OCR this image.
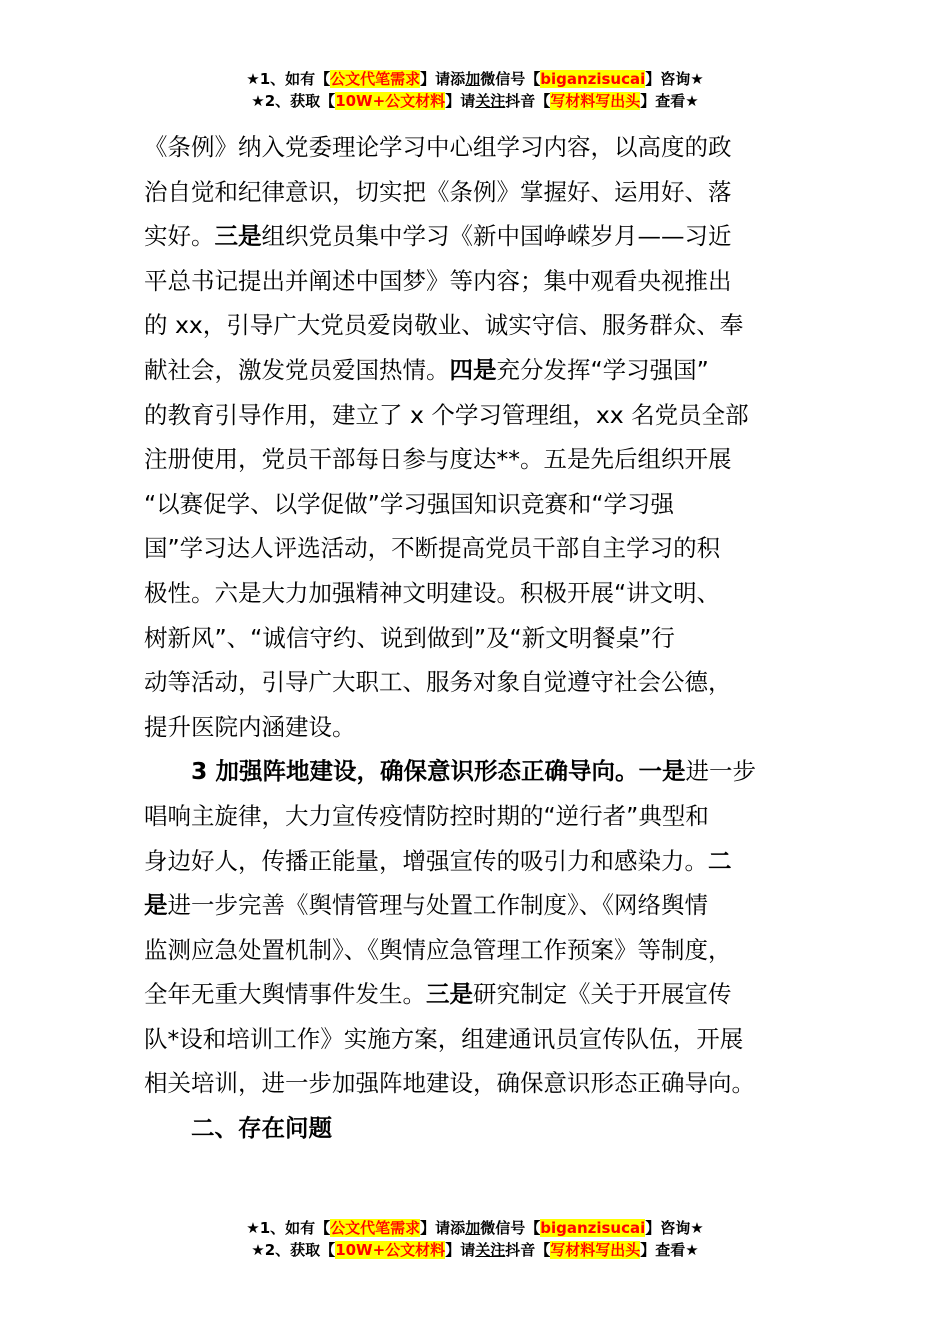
★1、如有【公文代笔需求】请添加微信号【biganzisucai】咨询★
★2、获取【10W+公文材料】请关注抖音【写材料写出头】查看★
《条例》纳入党委理论学习中心组学习内容，以高度的政
治自觉和纪律意识，切实把《条例》掌握好、运用好、落
实好。三是组织党员集中学习《新中国峥嵘岁月——习近
平总书记提出并阐述中国梦》等内容；集中观看央视推出
的 xx，引导广大党员爱岗敬业、诚实守信、服务群众、奉
献社会，激发党员爱国热情。四是充分发挥“学习强国”
的教育引导作用，建立了 x 个学习管理组，xx 名党员全部
注册使用，党员干部每日参与度达**。五是先后组织开展
“以赛促学、以学促做”学习强国知识竞赛和“学习强
国”学习达人评选活动，不断提高党员干部自主学习的积
极性。六是大力加强精神文明建设。积极开展“讲文明、
树新风”、“诚信守约、说到做到”及“新文明餐桌”行
动等活动，引导广大职工、服务对象自觉遵守社会公德，
提升医院内涵建设。
3 加强阵地建设，确保意识形态正确导向。一是进一步
唱响主旋律，大力宣传疫情防控时期的“逆行者”典型和
身边好人，传播正能量，增强宣传的吸引力和感染力。二
是进一步完善《舆情管理与处置工作制度》、《网络舆情
监测应急处置机制》、《舆情应急管理工作预案》等制度，
全年无重大舆情事件发生。三是研究制定《关于开展宣传
队*设和培训工作》实施方案，组建通讯员宣传队伍，开展
相关培训，进一步加强阵地建设，确保意识形态正确导向。
二、存在问题
★1、如有【公文代笔需求】请添加微信号【biganzisucai】咨询★
★2、获取【10W+公文材料】请关注抖音【写材料写出头】查看★
